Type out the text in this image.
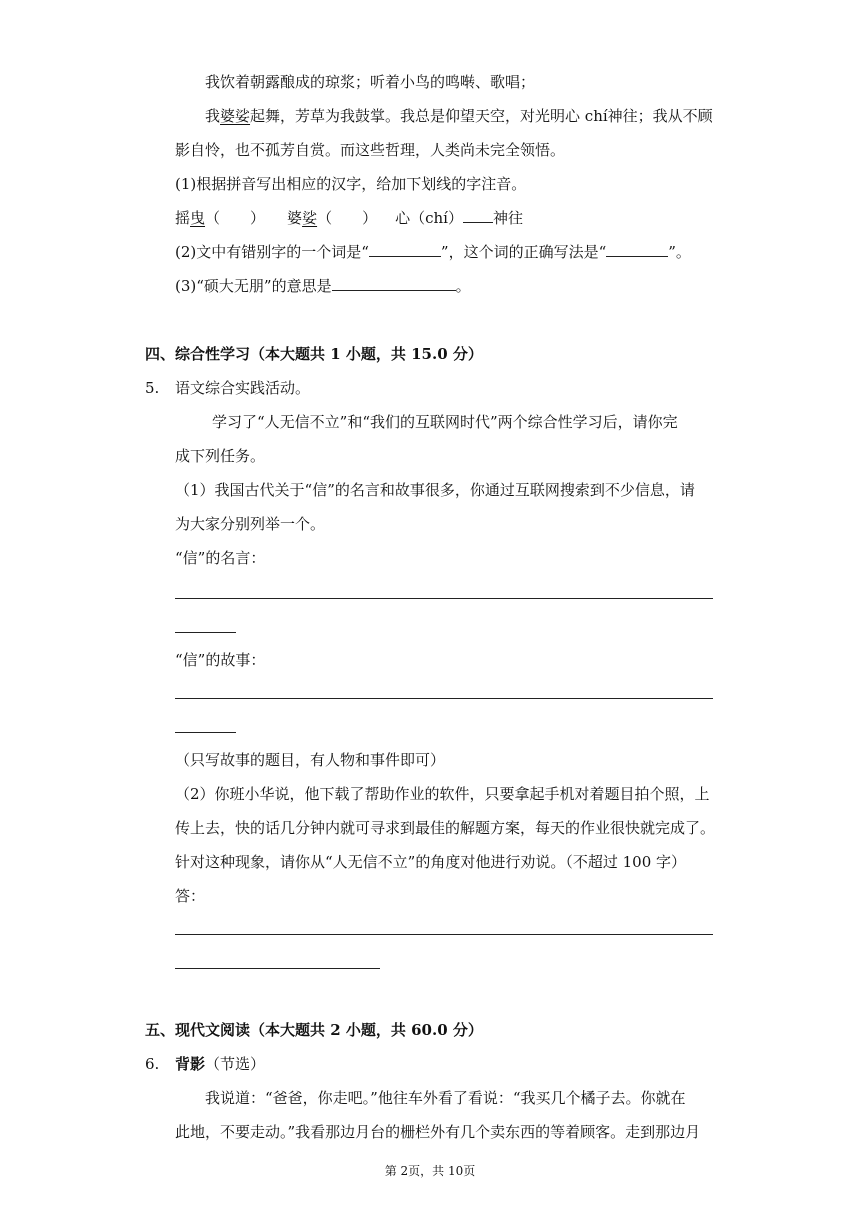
我饮着朝露酿成的琼浆；听着小鸟的鸣啭、歌唱；
我婆娑起舞，芳草为我鼓掌。我总是仰望天空，对光明心 chí神往；我从不顾
影自怜，也不孤芳自赏。而这些哲理，人类尚未完全领悟。
(1)根据拼音写出相应的汉字，给加下划线的字注音。
摇曳（　　） 婆娑（　　） 心（chí） 神往
(2)文中有错别字的一个词是“	”，这个词的正确写法是“	”。
(3)“硕大无朋”的意思是	。
四、综合性学习（本大题共 1 小题，共 15.0 分）
5. 语文综合实践活动。
学习了“人无信不立”和“我们的互联网时代”两个综合性学习后，请你完
成下列任务。
（1）我国古代关于“信”的名言和故事很多，你通过互联网搜索到不少信息，请
为大家分别列举一个。
“信”的名言：
“信”的故事：
（只写故事的题目，有人物和事件即可）
（2）你班小华说，他下载了帮助作业的软件，只要拿起手机对着题目拍个照，上
传上去，快的话几分钟内就可寻求到最佳的解题方案，每天的作业很快就完成了。
针对这种现象，请你从“人无信不立”的角度对他进行劝说。（不超过 100 字）
答：
五、现代文阅读（本大题共 2 小题，共 60.0 分）
6. 背影（节选）
我说道：“爸爸，你走吧。”他往车外看了看说：“我买几个橘子去。你就在
此地，不要走动。”我看那边月台的栅栏外有几个卖东西的等着顾客。走到那边月
第 2页，共 10页
